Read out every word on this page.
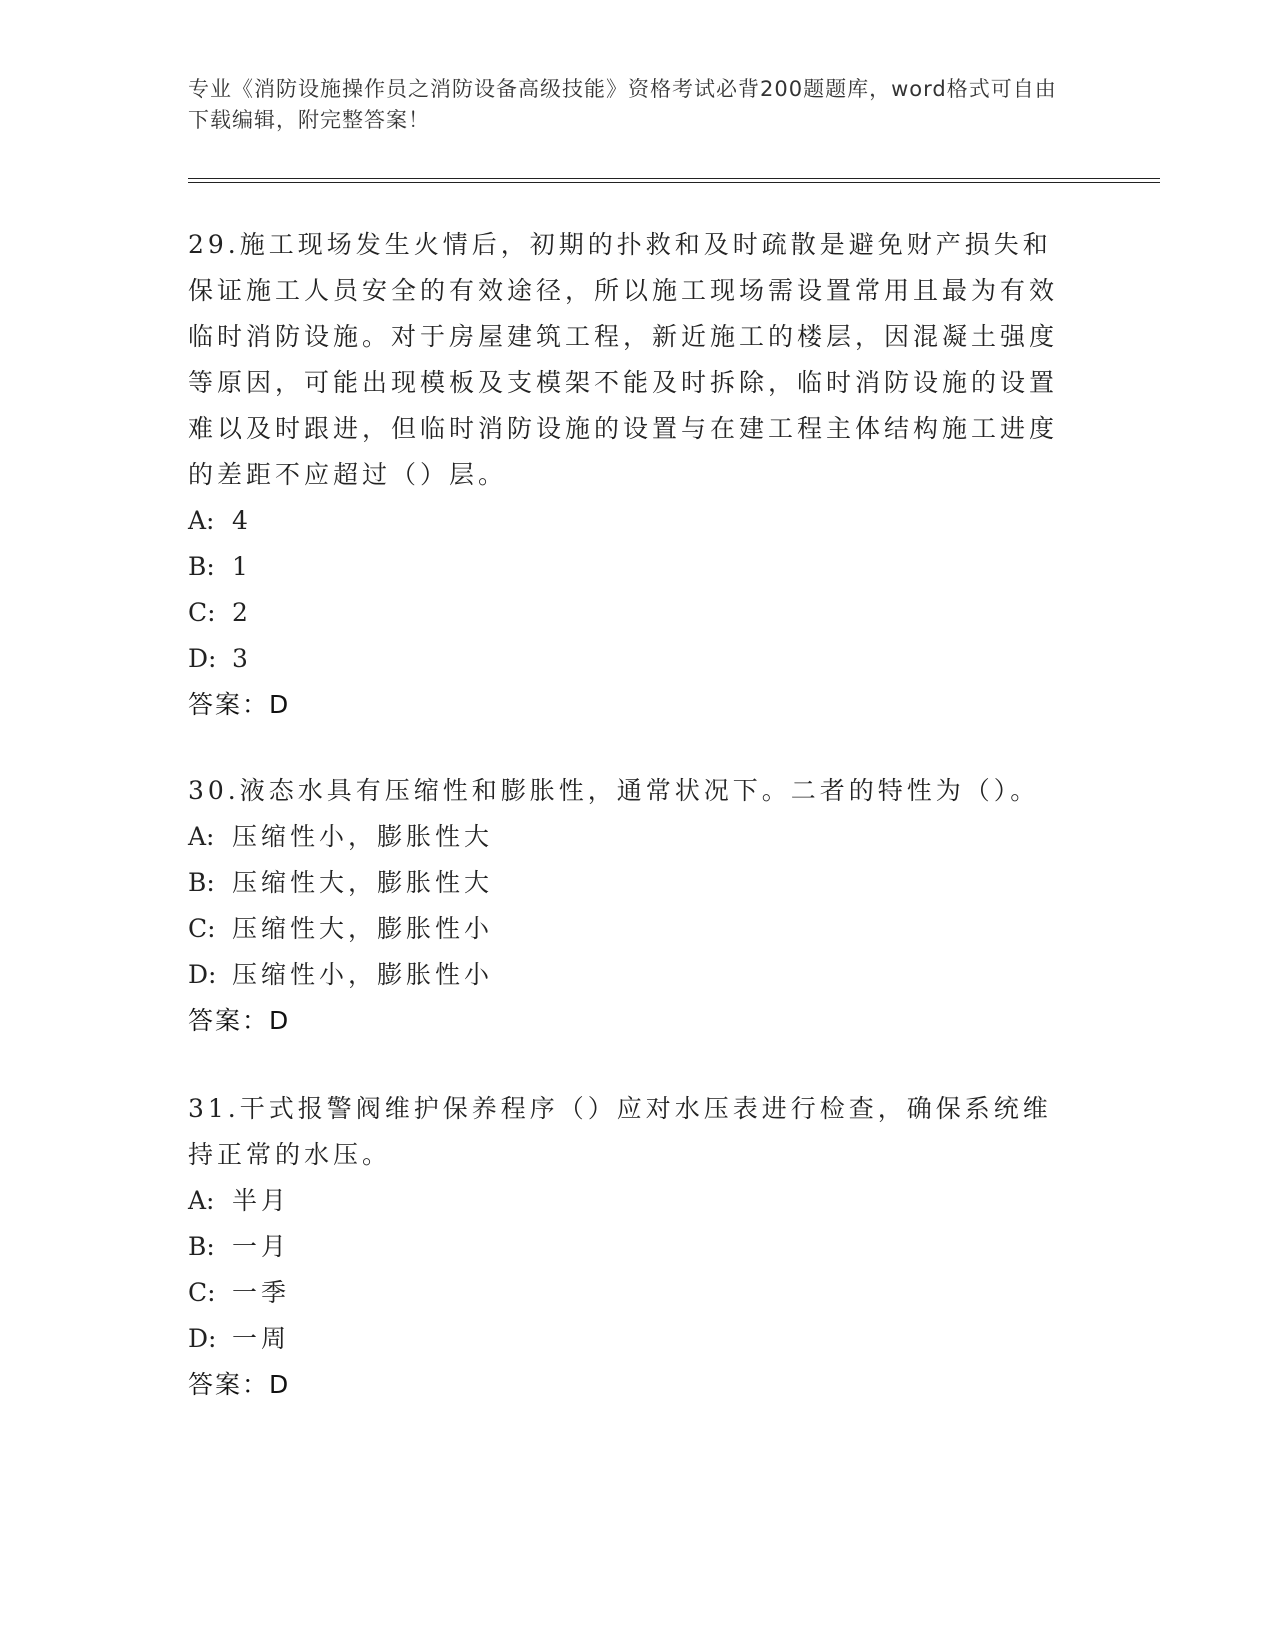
专业《消防设施操作员之消防设备高级技能》资格考试必背200题题库，word格式可自由下载编辑，附完整答案！

29.施工现场发生火情后，初期的扑救和及时疏散是避免财产损失和保证施工人员安全的有效途径，所以施工现场需设置常用且最为有效临时消防设施。对于房屋建筑工程，新近施工的楼层，因混凝土强度等原因，可能出现模板及支模架不能及时拆除，临时消防设施的设置难以及时跟进，但临时消防设施的设置与在建工程主体结构施工进度的差距不应超过（）层。

A: 4
B: 1
C: 2
D: 3
答案：D

30.液态水具有压缩性和膨胀性，通常状况下。二者的特性为（）。

A: 压缩性小，膨胀性大
B: 压缩性大，膨胀性大
C: 压缩性大，膨胀性小
D: 压缩性小，膨胀性小
答案：D

31.干式报警阀维护保养程序（）应对水压表进行检查，确保系统维持正常的水压。

A: 半月
B: 一月
C: 一季
D: 一周
答案：D
